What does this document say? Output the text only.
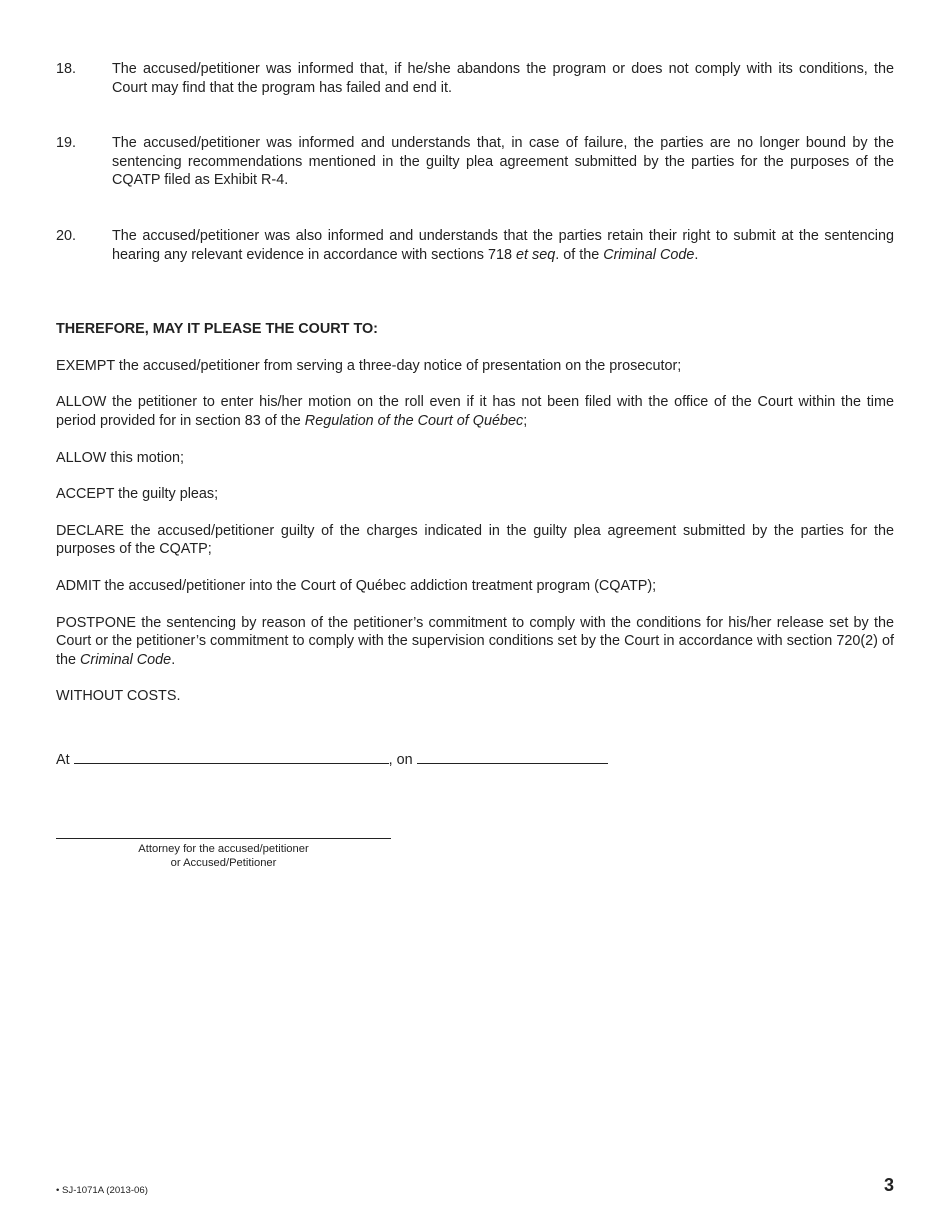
18. The accused/petitioner was informed that, if he/she abandons the program or does not comply with its conditions, the Court may find that the program has failed and end it.

19. The accused/petitioner was informed and understands that, in case of failure, the parties are no longer bound by the sentencing recommendations mentioned in the guilty plea agreement submitted by the parties for the purposes of the CQATP filed as Exhibit R-4.

20. The accused/petitioner was also informed and understands that the parties retain their right to submit at the sentencing hearing any relevant evidence in accordance with sections 718 et seq. of the Criminal Code.

THEREFORE, MAY IT PLEASE THE COURT TO:

EXEMPT the accused/petitioner from serving a three-day notice of presentation on the prosecutor;

ALLOW the petitioner to enter his/her motion on the roll even if it has not been filed with the office of the Court within the time period provided for in section 83 of the Regulation of the Court of Québec;

ALLOW this motion;

ACCEPT the guilty pleas;

DECLARE the accused/petitioner guilty of the charges indicated in the guilty plea agreement submitted by the parties for the purposes of the CQATP;

ADMIT the accused/petitioner into the Court of Québec addiction treatment program (CQATP);

POSTPONE the sentencing by reason of the petitioner’s commitment to comply with the conditions for his/her release set by the Court or the petitioner’s commitment to comply with the supervision conditions set by the Court in accordance with section 720(2) of the Criminal Code.

WITHOUT COSTS.

At	, on
Attorney for the accused/petitioner
or Accused/Petitioner
• SJ-1071A (2013-06)	3
